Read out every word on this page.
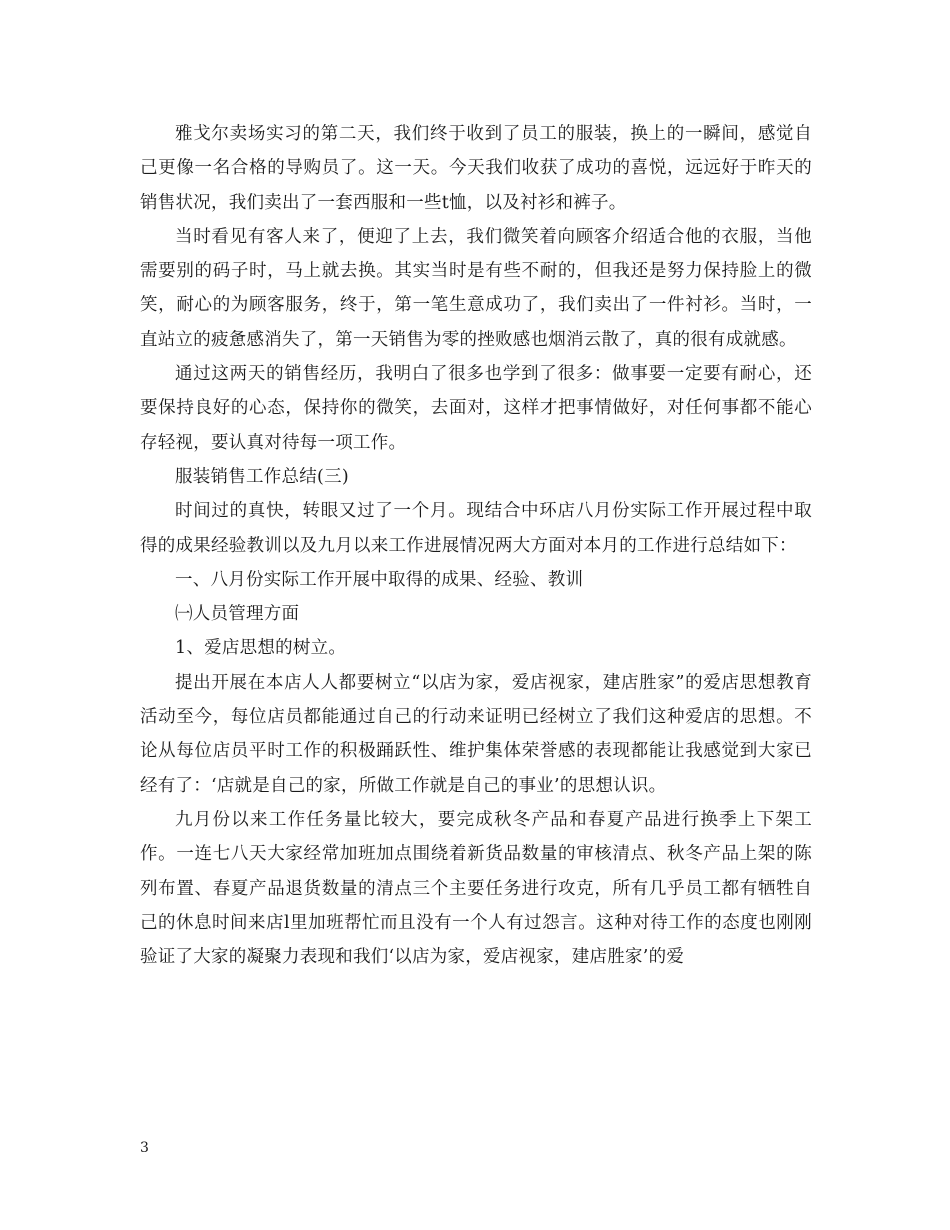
雅戈尔卖场实习的第二天，我们终于收到了员工的服装，换上的一瞬间，感觉自己更像一名合格的导购员了。这一天。今天我们收获了成功的喜悦，远远好于昨天的销售状况，我们卖出了一套西服和一些t恤，以及衬衫和裤子。

当时看见有客人来了，便迎了上去，我们微笑着向顾客介绍适合他的衣服，当他需要别的码子时，马上就去换。其实当时是有些不耐的，但我还是努力保持脸上的微笑，耐心的为顾客服务，终于，第一笔生意成功了，我们卖出了一件衬衫。当时，一直站立的疲惫感消失了，第一天销售为零的挫败感也烟消云散了，真的很有成就感。

通过这两天的销售经历，我明白了很多也学到了很多：做事要一定要有耐心，还要保持良好的心态，保持你的微笑，去面对，这样才把事情做好，对任何事都不能心存轻视，要认真对待每一项工作。

服装销售工作总结(三)

时间过的真快，转眼又过了一个月。现结合中环店八月份实际工作开展过程中取得的成果经验教训以及九月以来工作进展情况两大方面对本月的工作进行总结如下：

一、八月份实际工作开展中取得的成果、经验、教训

㈠人员管理方面

1、爱店思想的树立。

提出开展在本店人人都要树立“以店为家，爱店视家，建店胜家”的爱店思想教育活动至今，每位店员都能通过自己的行动来证明已经树立了我们这种爱店的思想。不论从每位店员平时工作的积极踊跃性、维护集体荣誉感的表现都能让我感觉到大家已经有了：‘店就是自己的家，所做工作就是自己的事业’的思想认识。

九月份以来工作任务量比较大，要完成秋冬产品和春夏产品进行换季上下架工作。一连七八天大家经常加班加点围绕着新货品数量的审核清点、秋冬产品上架的陈列布置、春夏产品退货数量的清点三个主要任务进行攻克，所有几乎员工都有牺牲自己的休息时间来店l里加班帮忙而且没有一个人有过怨言。这种对待工作的态度也刚刚验证了大家的凝聚力表现和我们‘以店为家，爱店视家，建店胜家’的爱

3
